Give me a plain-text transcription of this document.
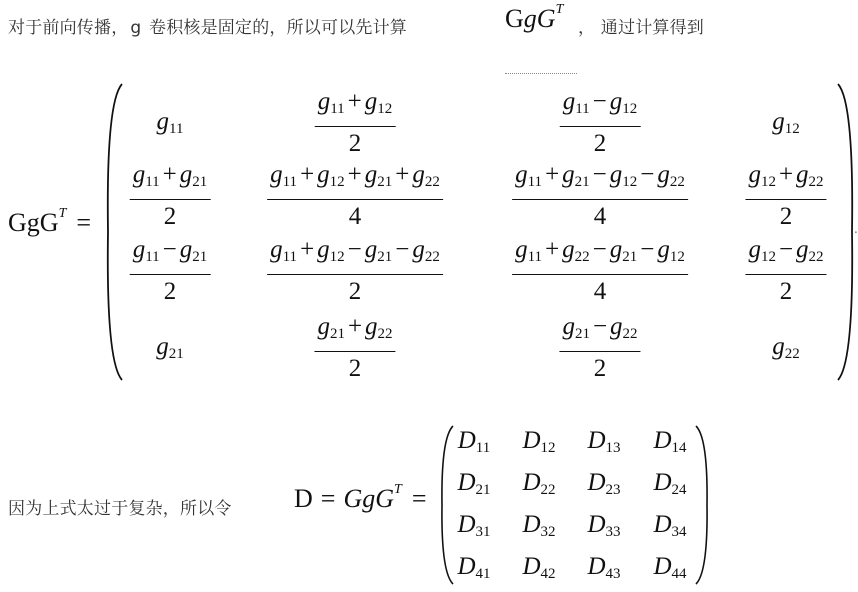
对于前向传播， g 卷积核是固定的，所以可以先计算	GgG$^T$
， 通过计算得到
GgG$^T$ =
$g_{11}$	$\frac{g_{11} + g_{12}}{2}$	$\frac{g_{11} - g_{12}}{2}$	$g_{12}$
$\frac{g_{11} + g_{21}}{2} \frac{g_{11} + g_{12} + g_{21} + g_{22}}{4}$	$\frac{g_{11} + g_{21} - g_{12} - g_{22}}{4} \frac{g_{12} + g_{22}}{2}$
$\frac{g_{11} - g_{21}}{2} \frac{g_{11} + g_{12} - g_{21} - g_{22}}{2}$	$\frac{g_{11} + g_{22} - g_{21} - g_{12}}{4} \frac{g_{12} - g_{22}}{2}$
$g_{21}$	$\frac{g_{21} + g_{22}}{2}$	$\frac{g_{21} - g_{22}}{2}$	$g_{22}$
.
因为上式太过于复杂，所以令 D = GgG$^T$ =
$D_{11}$ $D_{12}$ $D_{13}$ $D_{14}$
$D_{21}$ $D_{22}$ $D_{23}$ $D_{24}$
$D_{31}$ $D_{32}$ $D_{33}$ $D_{34}$
$D_{41}$ $D_{42}$ $D_{43}$ $D_{44}$
